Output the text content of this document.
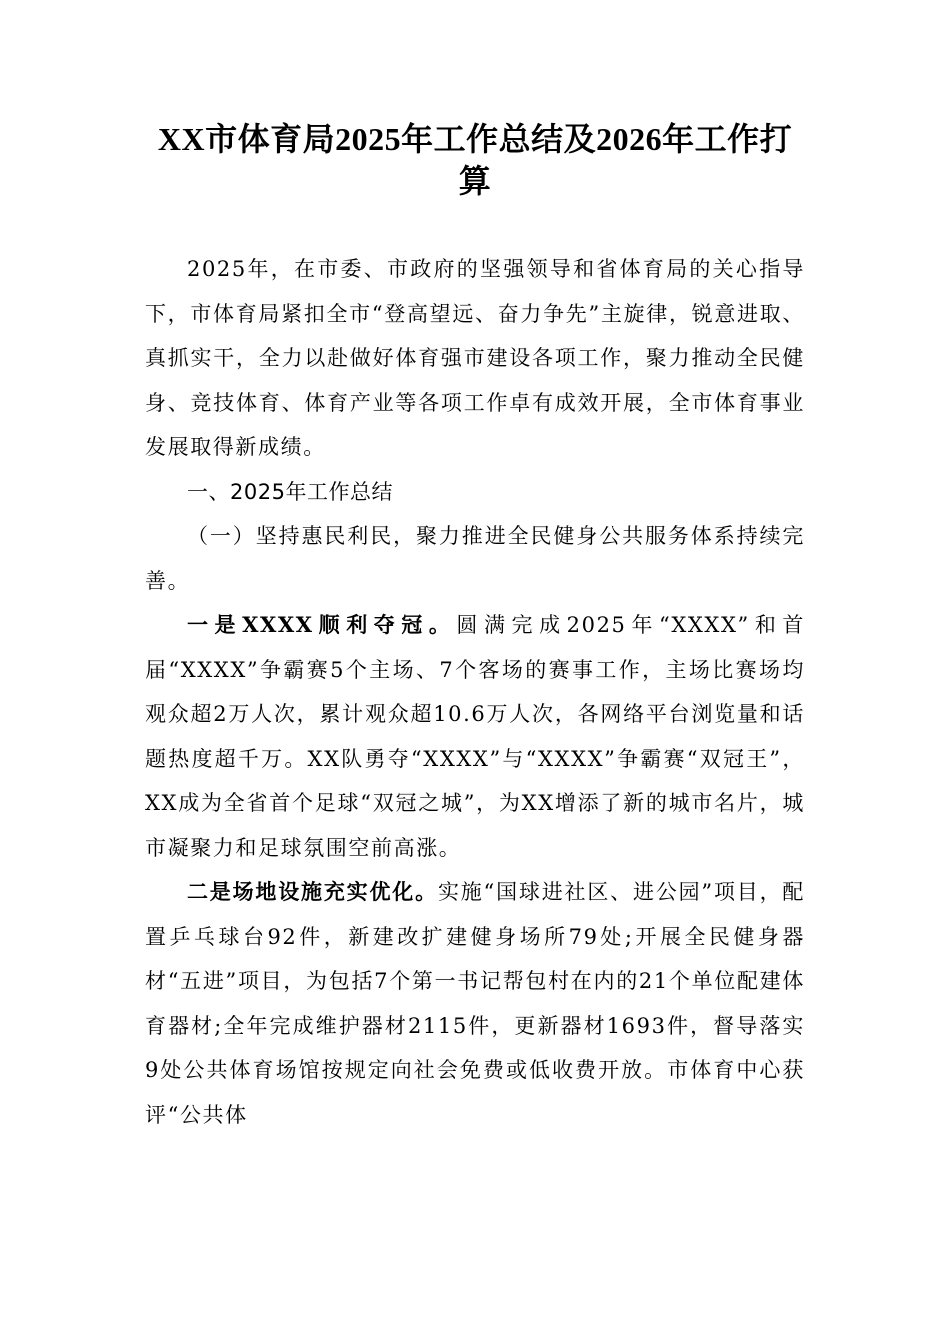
XX市体育局2025年工作总结及2026年工作打算

2025年，在市委、市政府的坚强领导和省体育局的关心指导下，市体育局紧扣全市“登高望远、奋力争先”主旋律，锐意进取、真抓实干，全力以赴做好体育强市建设各项工作，聚力推动全民健身、竞技体育、体育产业等各项工作卓有成效开展，全市体育事业发展取得新成绩。

一、2025年工作总结

（一）坚持惠民利民，聚力推进全民健身公共服务体系持续完善。

一是XXXX顺利夺冠。圆满完成2025年“XXXX”和首届“XXXX”争霸赛5个主场、7个客场的赛事工作，主场比赛场均观众超2万人次，累计观众超10.6万人次，各网络平台浏览量和话题热度超千万。XX队勇夺“XXXX”与“XXXX”争霸赛“双冠王”，XX成为全省首个足球“双冠之城”，为XX增添了新的城市名片，城市凝聚力和足球氛围空前高涨。

二是场地设施充实优化。实施“国球进社区、进公园”项目，配置乒乓球台92件，新建改扩建健身场所79处;开展全民健身器材“五进”项目，为包括7个第一书记帮包村在内的21个单位配建体育器材;全年完成维护器材2115件，更新器材1693件，督导落实9处公共体育场馆按规定向社会免费或低收费开放。市体育中心获评“公共体
